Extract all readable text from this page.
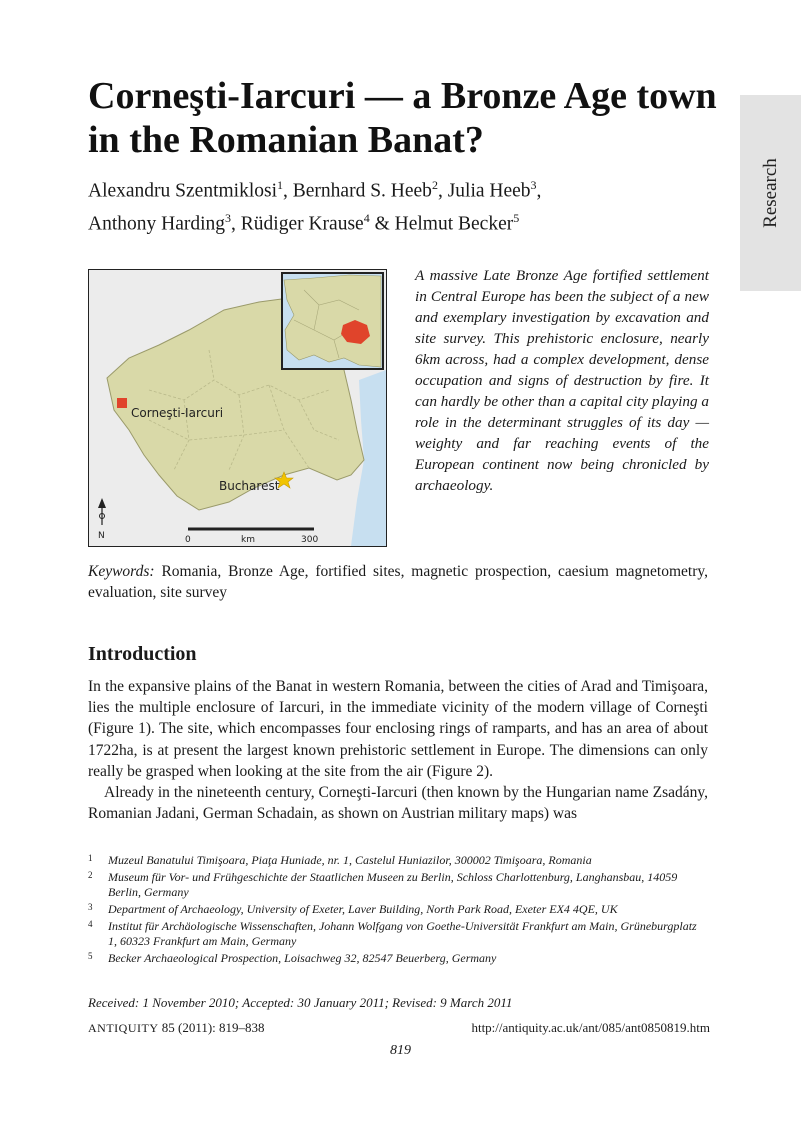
Research
Corneşti-Iarcuri — a Bronze Age town in the Romanian Banat?
Alexandru Szentmiklosi$^1$, Bernhard S. Heeb$^2$, Julia Heeb$^3$,
Anthony Harding$^3$, Rüdiger Krause$^4$ & Helmut Becker$^5$
Corneşti-Iarcuri
Bucharest
N	0	km	300
A massive Late Bronze Age fortified settlement in Central Europe has been the subject of a new and exemplary investigation by excavation and site survey. This prehistoric enclosure, nearly 6km across, had a complex development, dense occupation and signs of destruction by fire. It can hardly be other than a capital city playing a role in the determinant struggles of its day — weighty and far reaching events of the European continent now being chronicled by archaeology.
Keywords: Romania, Bronze Age, fortified sites, magnetic prospection, caesium magnetometry, evaluation, site survey
Introduction

In the expansive plains of the Banat in western Romania, between the cities of Arad and Timişoara, lies the multiple enclosure of Iarcuri, in the immediate vicinity of the modern village of Corneşti (Figure 1). The site, which encompasses four enclosing rings of ramparts, and has an area of about 1722ha, is at present the largest known prehistoric settlement in Europe. The dimensions can only really be grasped when looking at the site from the air (Figure 2).

Already in the nineteenth century, Corneşti-Iarcuri (then known by the Hungarian name Zsadány, Romanian Jadani, German Schadain, as shown on Austrian military maps) was

1 Muzeul Banatului Timişoara, Piaţa Huniade, nr. 1, Castelul Huniazilor, 300002 Timişoara, Romania
2 Museum für Vor- und Frühgeschichte der Staatlichen Museen zu Berlin, Schloss Charlottenburg, Langhansbau, 14059 Berlin, Germany
3 Department of Archaeology, University of Exeter, Laver Building, North Park Road, Exeter EX4 4QE, UK
4 Institut für Archäologische Wissenschaften, Johann Wolfgang von Goethe-Universität Frankfurt am Main, Grüneburgplatz 1, 60323 Frankfurt am Main, Germany
5 Becker Archaeological Prospection, Loisachweg 32, 82547 Beuerberg, Germany
Received: 1 November 2010; Accepted: 30 January 2011; Revised: 9 March 2011
ANTIQUITY 85 (2011): 819–838	http://antiquity.ac.uk/ant/085/ant0850819.htm
819
